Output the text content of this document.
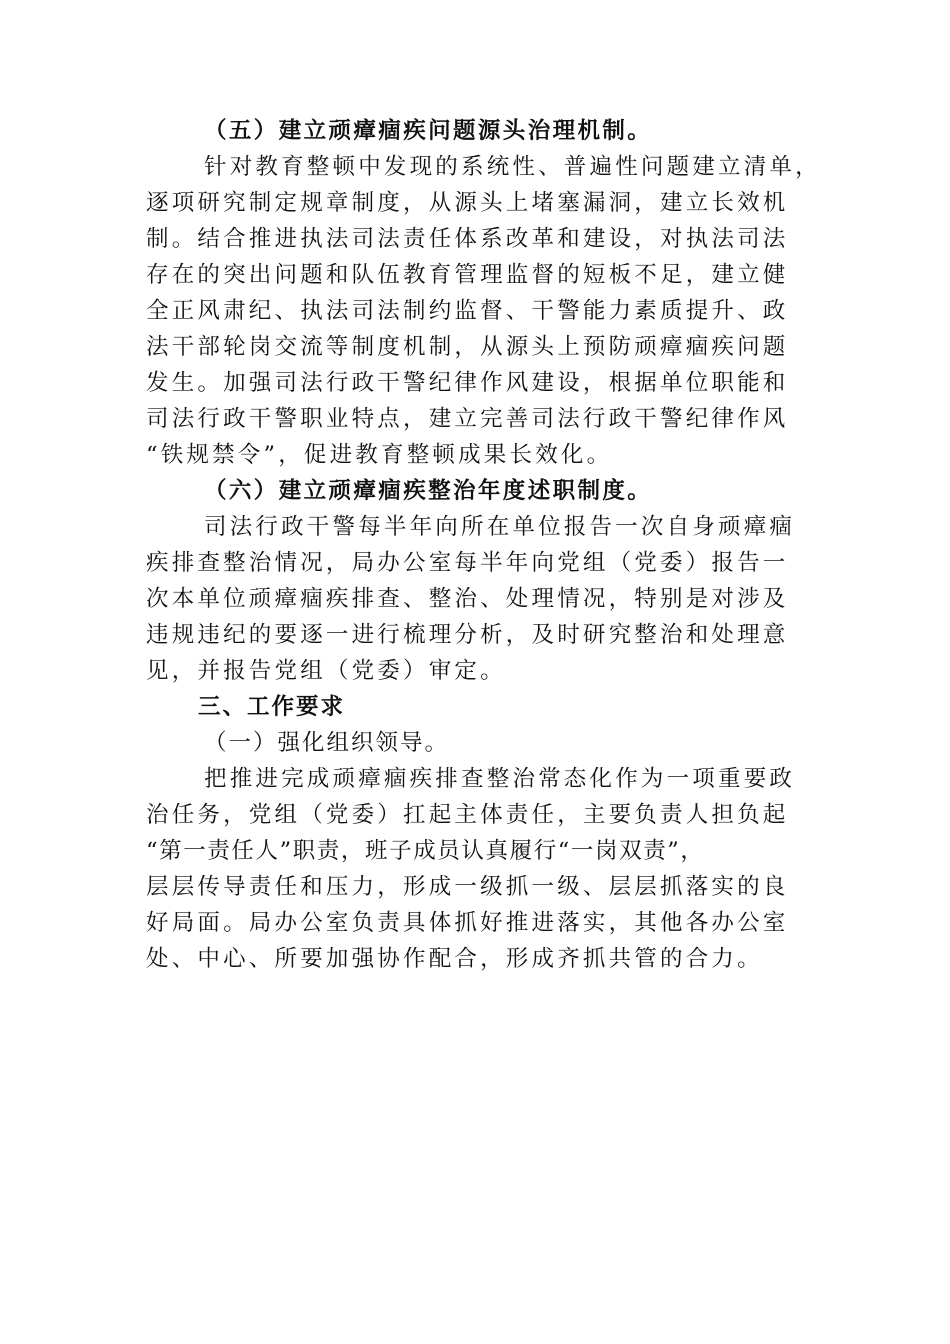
（五）建立顽瘴痼疾问题源头治理机制。
针对教育整顿中发现的系统性、普遍性问题建立清单，
逐项研究制定规章制度，从源头上堵塞漏洞，建立长效机
制。结合推进执法司法责任体系改革和建设，对执法司法
存在的突出问题和队伍教育管理监督的短板不足，建立健
全正风肃纪、执法司法制约监督、干警能力素质提升、政
法干部轮岗交流等制度机制，从源头上预防顽瘴痼疾问题
发生。加强司法行政干警纪律作风建设，根据单位职能和
司法行政干警职业特点，建立完善司法行政干警纪律作风
“铁规禁令”，促进教育整顿成果长效化。
（六）建立顽瘴痼疾整治年度述职制度。
司法行政干警每半年向所在单位报告一次自身顽瘴痼
疾排查整治情况，局办公室每半年向党组（党委）报告一
次本单位顽瘴痼疾排查、整治、处理情况，特别是对涉及
违规违纪的要逐一进行梳理分析，及时研究整治和处理意
见，并报告党组（党委）审定。
三、工作要求
（一）强化组织领导。
把推进完成顽瘴痼疾排查整治常态化作为一项重要政
治任务，党组（党委）扛起主体责任，主要负责人担负起
“第一责任人”职责，班子成员认真履行“一岗双责”，
层层传导责任和压力，形成一级抓一级、层层抓落实的良
好局面。局办公室负责具体抓好推进落实，其他各办公室
处、中心、所要加强协作配合，形成齐抓共管的合力。
